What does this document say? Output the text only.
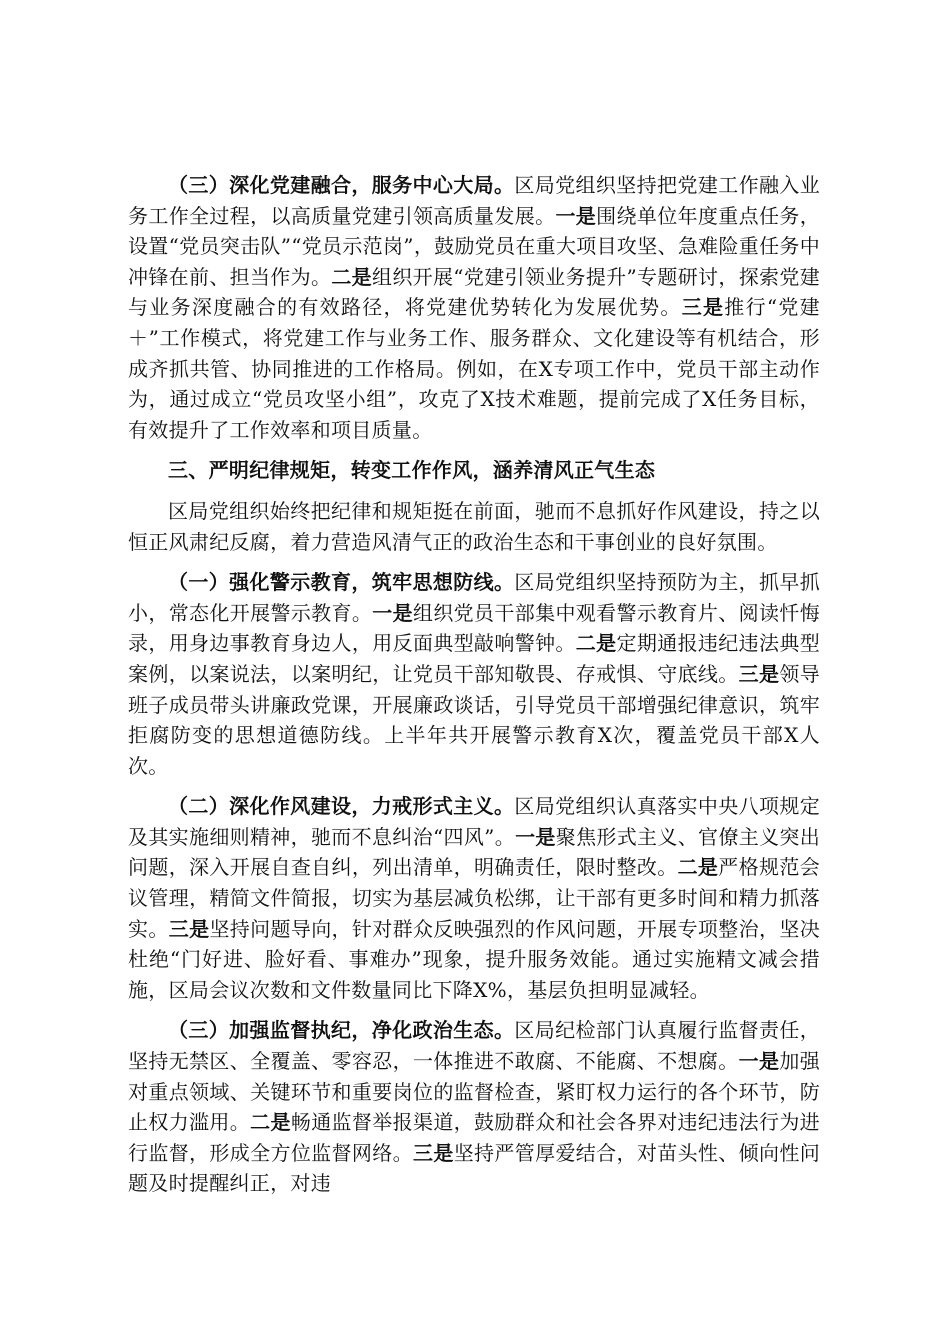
（三）深化党建融合，服务中心大局。区局党组织坚持把党建工作融入业务工作全过程，以高质量党建引领高质量发展。一是围绕单位年度重点任务，设置“党员突击队”“党员示范岗”，鼓励党员在重大项目攻坚、急难险重任务中冲锋在前、担当作为。二是组织开展“党建引领业务提升”专题研讨，探索党建与业务深度融合的有效路径，将党建优势转化为发展优势。三是推行“党建＋”工作模式，将党建工作与业务工作、服务群众、文化建设等有机结合，形成齐抓共管、协同推进的工作格局。例如，在X专项工作中，党员干部主动作为，通过成立“党员攻坚小组”，攻克了X技术难题，提前完成了X任务目标，有效提升了工作效率和项目质量。

三、严明纪律规矩，转变工作作风，涵养清风正气生态

区局党组织始终把纪律和规矩挺在前面，驰而不息抓好作风建设，持之以恒正风肃纪反腐，着力营造风清气正的政治生态和干事创业的良好氛围。

（一）强化警示教育，筑牢思想防线。区局党组织坚持预防为主，抓早抓小，常态化开展警示教育。一是组织党员干部集中观看警示教育片、阅读忏悔录，用身边事教育身边人，用反面典型敲响警钟。二是定期通报违纪违法典型案例，以案说法，以案明纪，让党员干部知敬畏、存戒惧、守底线。三是领导班子成员带头讲廉政党课，开展廉政谈话，引导党员干部增强纪律意识，筑牢拒腐防变的思想道德防线。上半年共开展警示教育X次，覆盖党员干部X人次。

（二）深化作风建设，力戒形式主义。区局党组织认真落实中央八项规定及其实施细则精神，驰而不息纠治“四风”。一是聚焦形式主义、官僚主义突出问题，深入开展自查自纠，列出清单，明确责任，限时整改。二是严格规范会议管理，精简文件简报，切实为基层减负松绑，让干部有更多时间和精力抓落实。三是坚持问题导向，针对群众反映强烈的作风问题，开展专项整治，坚决杜绝“门好进、脸好看、事难办”现象，提升服务效能。通过实施精文减会措施，区局会议次数和文件数量同比下降X%，基层负担明显减轻。

（三）加强监督执纪，净化政治生态。区局纪检部门认真履行监督责任，坚持无禁区、全覆盖、零容忍，一体推进不敢腐、不能腐、不想腐。一是加强对重点领域、关键环节和重要岗位的监督检查，紧盯权力运行的各个环节，防止权力滥用。二是畅通监督举报渠道，鼓励群众和社会各界对违纪违法行为进行监督，形成全方位监督网络。三是坚持严管厚爱结合，对苗头性、倾向性问题及时提醒纠正，对违
